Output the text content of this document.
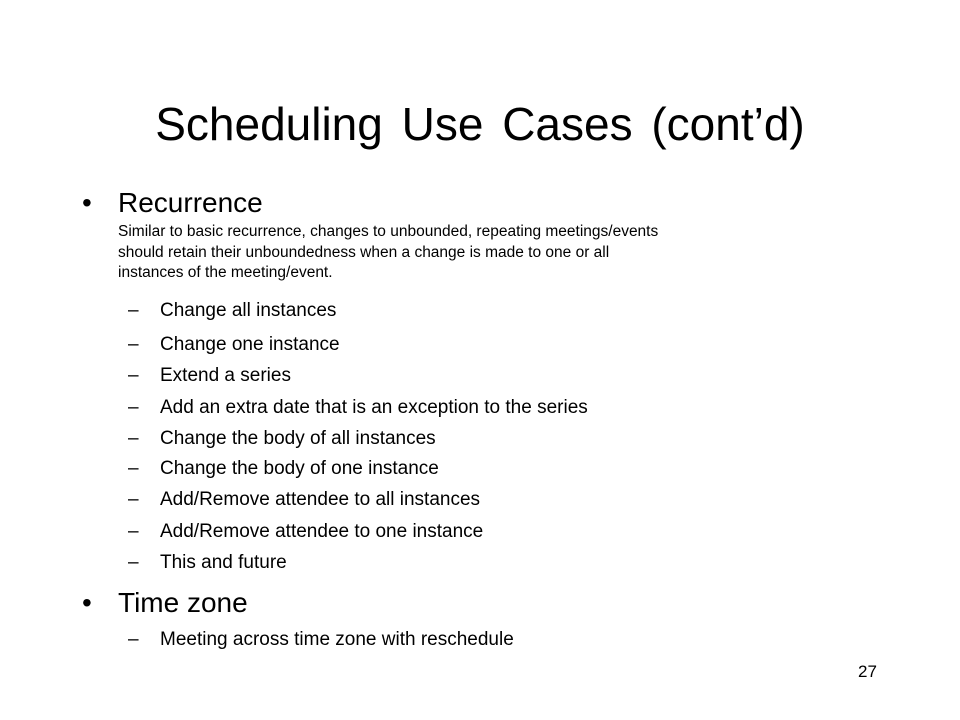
Scheduling Use Cases (cont’d)
• Recurrence
Similar to basic recurrence, changes to unbounded, repeating meetings/events
should retain their unboundedness when a change is made to one or all
instances of the meeting/event.
– Change all instances
– Change one instance
– Extend a series
– Add an extra date that is an exception to the series
– Change the body of all instances
– Change the body of one instance
– Add/Remove attendee to all instances
– Add/Remove attendee to one instance
– This and future
• Time zone
– Meeting across time zone with reschedule
27
